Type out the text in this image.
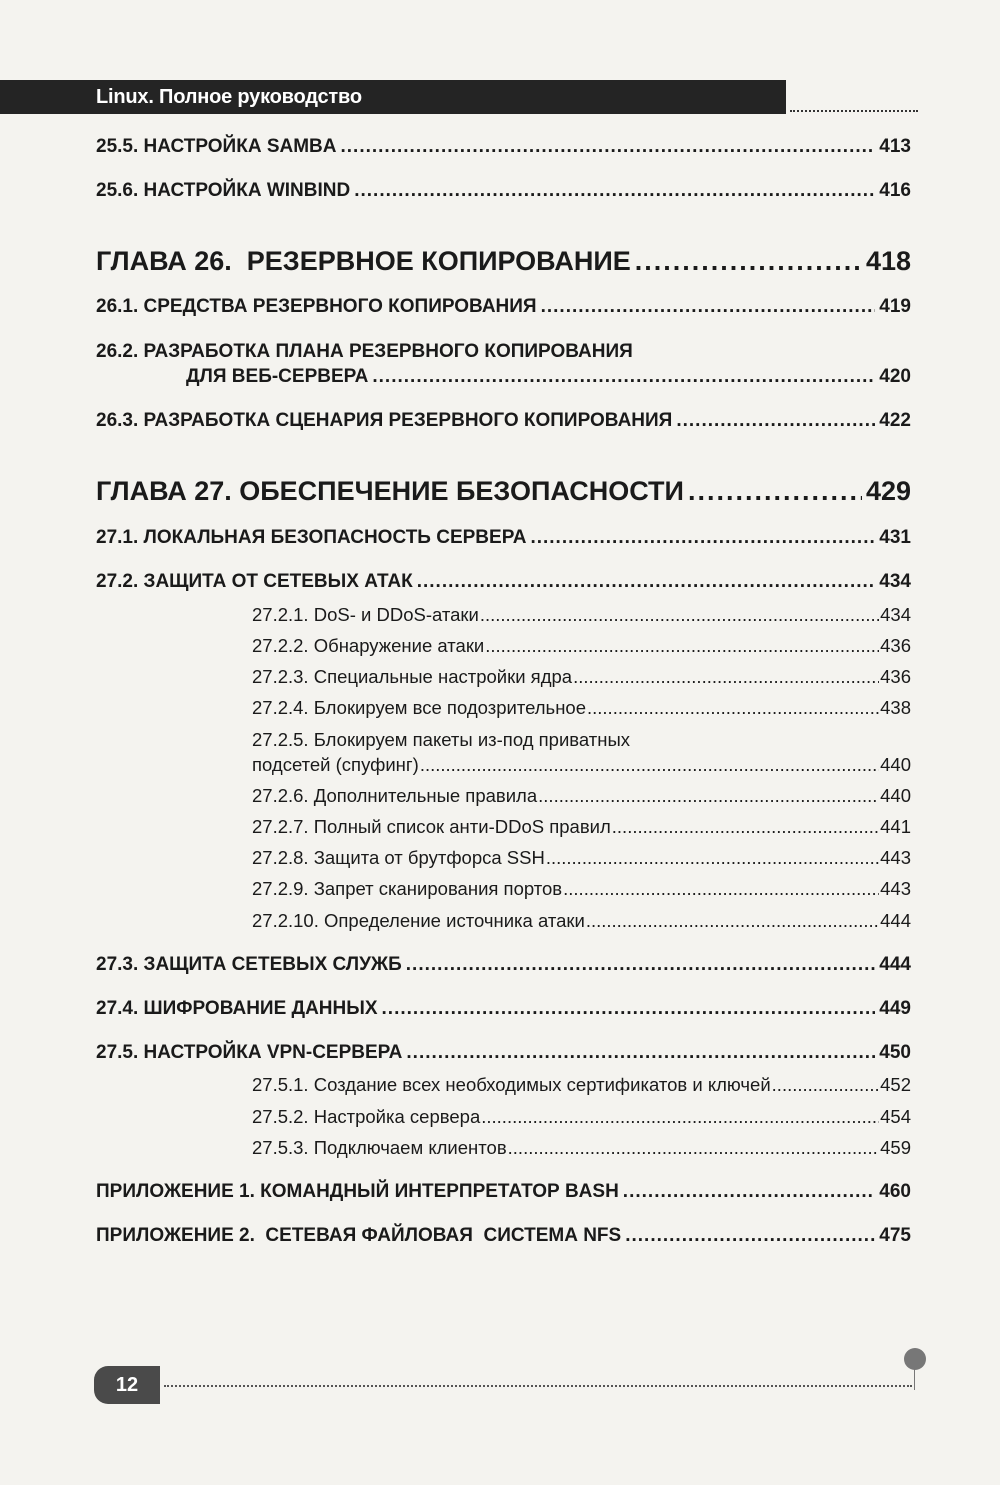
Linux. Полное руководство
25.5. НАСТРОЙКА SAMBA .....	413
25.6. НАСТРОЙКА WINBIND .....	416
ГЛАВА 26.  РЕЗЕРВНОЕ КОПИРОВАНИЕ .....	418
26.1. СРЕДСТВА РЕЗЕРВНОГО КОПИРОВАНИЯ .....	419
26.2. РАЗРАБОТКА ПЛАНА РЕЗЕРВНОГО КОПИРОВАНИЯ
ДЛЯ ВЕБ-СЕРВЕРА .....	420
26.3. РАЗРАБОТКА СЦЕНАРИЯ РЕЗЕРВНОГО КОПИРОВАНИЯ .....	422
ГЛАВА 27. ОБЕСПЕЧЕНИЕ БЕЗОПАСНОСТИ .....	429
27.1. ЛОКАЛЬНАЯ БЕЗОПАСНОСТЬ СЕРВЕРА .....	431
27.2. ЗАЩИТА ОТ СЕТЕВЫХ АТАК .....	434
27.2.1. DoS- и DDoS-атаки .....	434
27.2.2. Обнаружение атаки .....	436
27.2.3. Специальные настройки ядра .....	436
27.2.4. Блокируем все подозрительное .....	438
27.2.5. Блокируем пакеты из-под приватных
подсетей (спуфинг) .....	440
27.2.6. Дополнительные правила .....	440
27.2.7. Полный список анти-DDoS правил .....	441
27.2.8. Защита от брутфорса SSH .....	443
27.2.9. Запрет сканирования портов .....	443
27.2.10. Определение источника атаки .....	444
27.3. ЗАЩИТА СЕТЕВЫХ СЛУЖБ .....	444
27.4. ШИФРОВАНИЕ ДАННЫХ .....	449
27.5. НАСТРОЙКА VPN-СЕРВЕРА .....	450
27.5.1. Создание всех необходимых сертификатов и ключей .....	452
27.5.2. Настройка сервера .....	454
27.5.3. Подключаем клиентов .....	459
ПРИЛОЖЕНИЕ 1. КОМАНДНЫЙ ИНТЕРПРЕТАТОР BASH .....	460
ПРИЛОЖЕНИЕ 2.  СЕТЕВАЯ ФАЙЛОВАЯ  СИСТЕМА NFS .....	475
12
